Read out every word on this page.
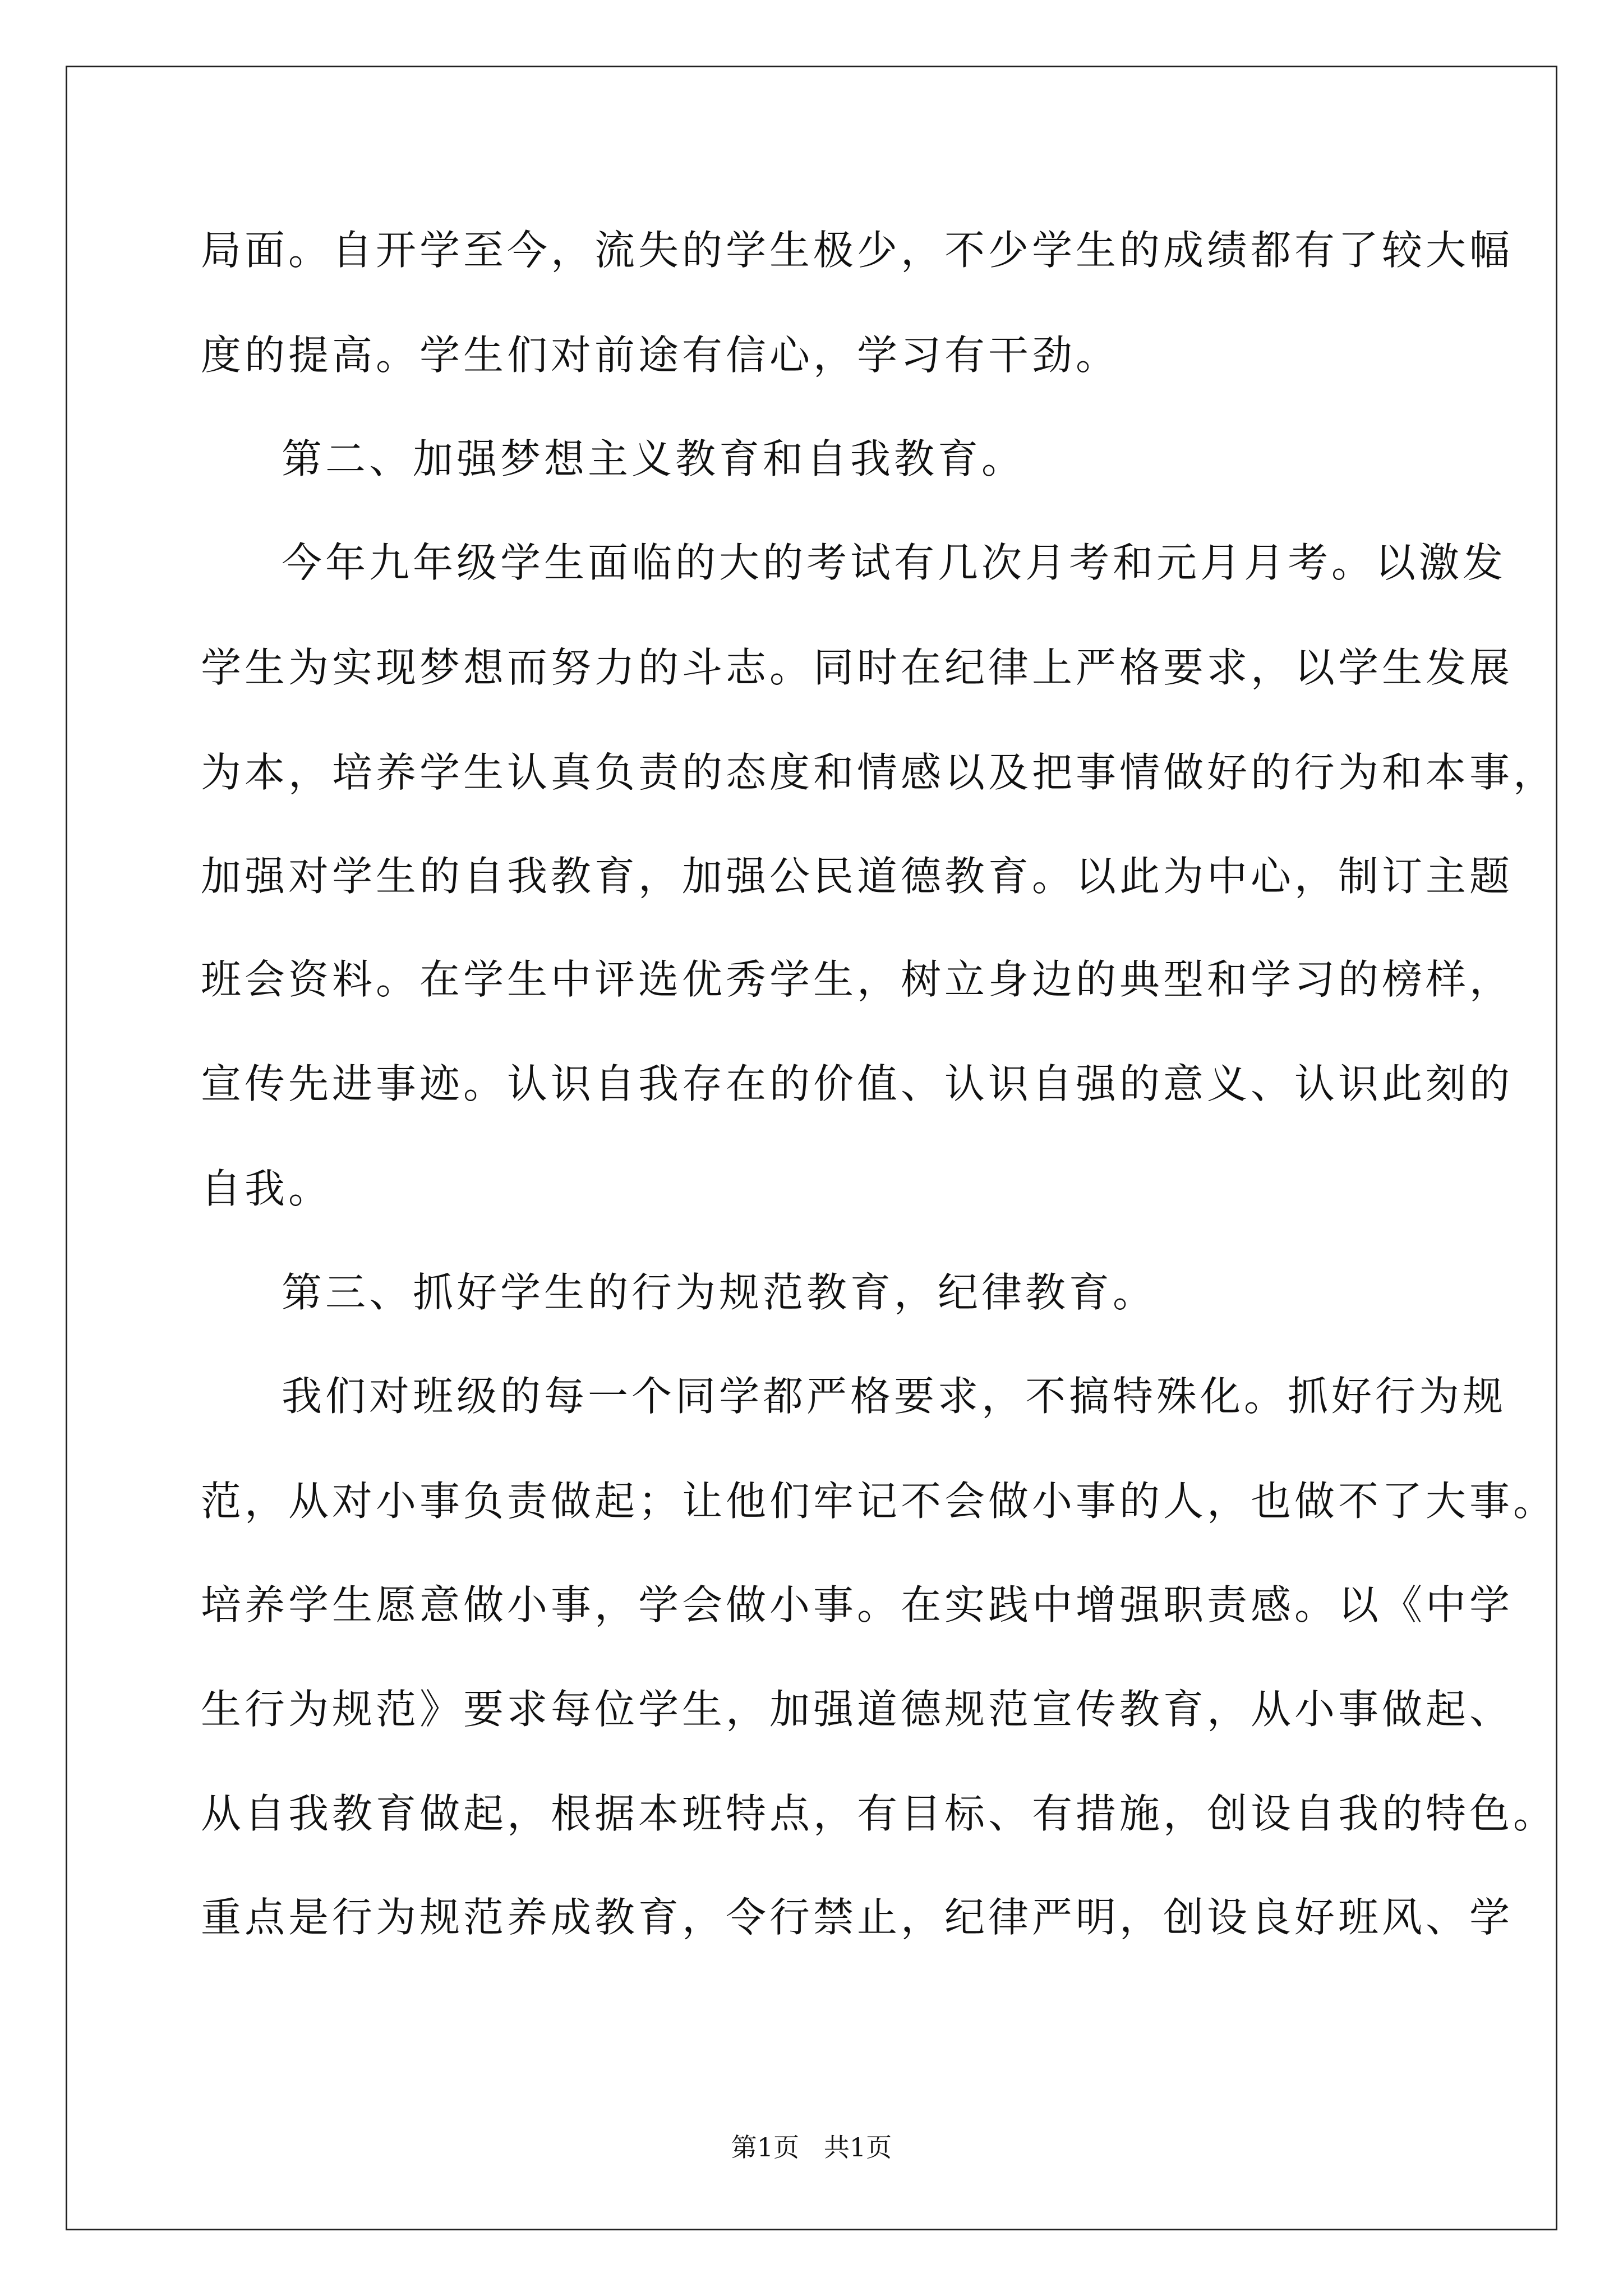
局面。自开学至今，流失的学生极少，不少学生的成绩都有了较大幅
度的提高。学生们对前途有信心，学习有干劲。
第二、加强梦想主义教育和自我教育。
今年九年级学生面临的大的考试有几次月考和元月月考。以激发
学生为实现梦想而努力的斗志。同时在纪律上严格要求，以学生发展
为本，培养学生认真负责的态度和情感以及把事情做好的行为和本事，
加强对学生的自我教育，加强公民道德教育。以此为中心，制订主题
班会资料。在学生中评选优秀学生，树立身边的典型和学习的榜样，
宣传先进事迹。认识自我存在的价值、认识自强的意义、认识此刻的
自我。
第三、抓好学生的行为规范教育，纪律教育。
我们对班级的每一个同学都严格要求，不搞特殊化。抓好行为规
范，从对小事负责做起；让他们牢记不会做小事的人，也做不了大事。
培养学生愿意做小事，学会做小事。在实践中增强职责感。以《中学
生行为规范》要求每位学生，加强道德规范宣传教育，从小事做起、
从自我教育做起，根据本班特点，有目标、有措施，创设自我的特色。
重点是行为规范养成教育，令行禁止，纪律严明，创设良好班风、学
第1页   共1页
